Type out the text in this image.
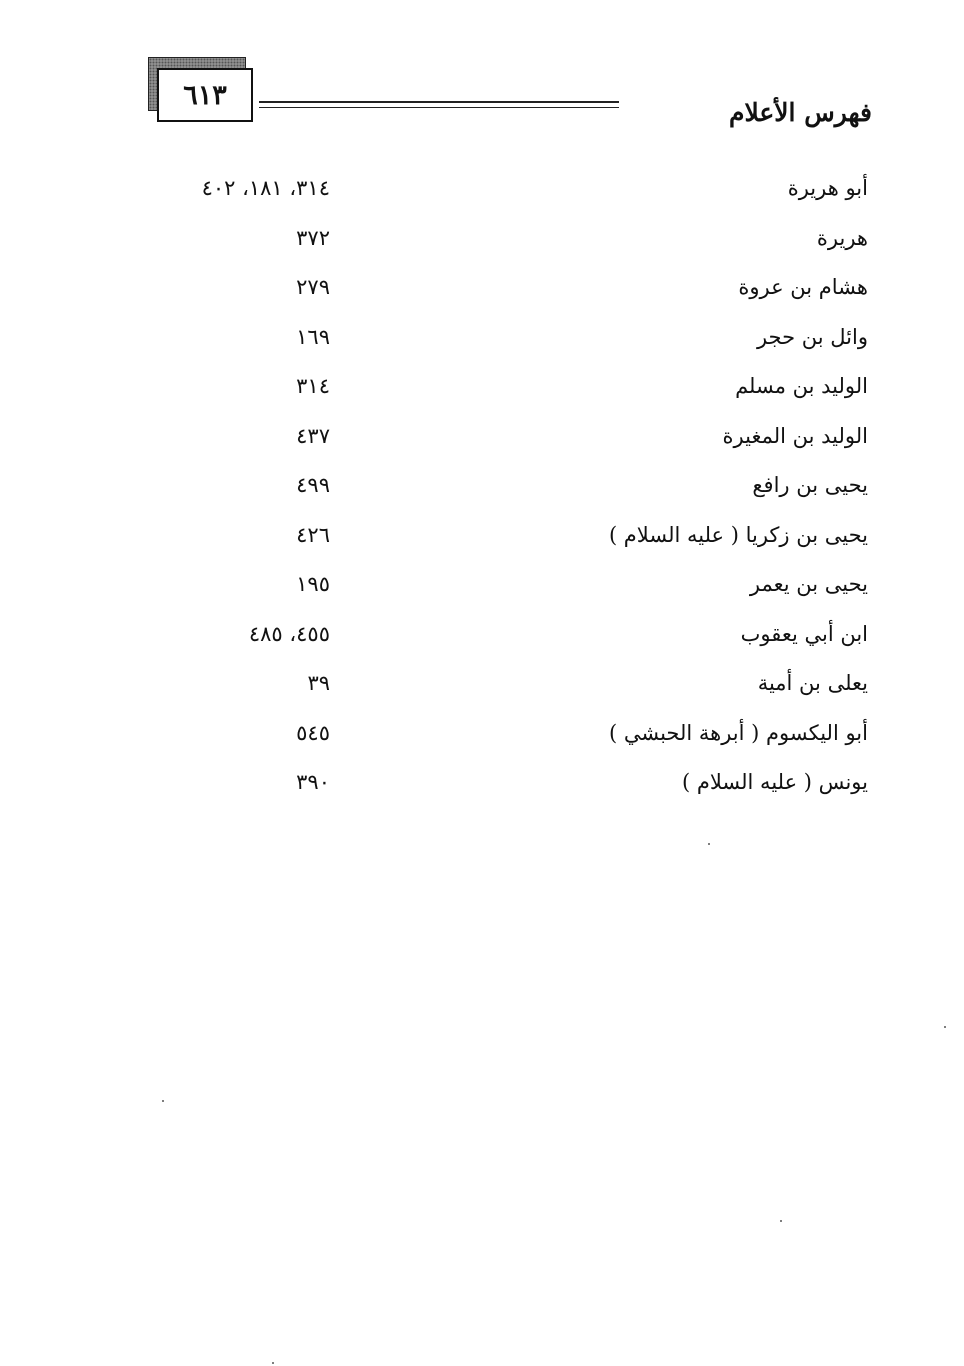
٦١٣
فهرس الأعلام
أبو هريرة
٣١٤، ١٨١، ٤٠٢
هريرة
٣٧٢
هشام بن عروة
٢٧٩
وائل بن حجر
١٦٩
الوليد بن مسلم
٣١٤
الوليد بن المغيرة
٤٣٧
يحيى بن رافع
٤٩٩
يحيى بن زكريا ( عليه السلام )
٤٢٦
يحيى بن يعمر
١٩٥
ابن أبي يعقوب
٤٥٥، ٤٨٥
يعلى بن أمية
٣٩
أبو اليكسوم ( أبرهة الحبشي )
٥٤٥
يونس ( عليه السلام )
٣٩٠
